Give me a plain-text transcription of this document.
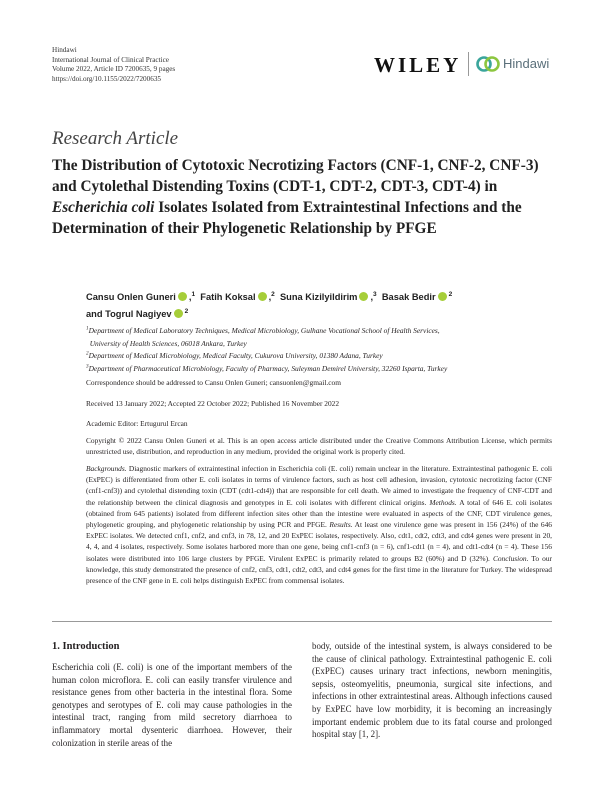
Hindawi
International Journal of Clinical Practice
Volume 2022, Article ID 7200635, 9 pages
https://doi.org/10.1155/2022/7200635
WILEY	Hindawi
Research Article
The Distribution of Cytotoxic Necrotizing Factors (CNF-1, CNF-2, CNF-3) and Cytolethal Distending Toxins (CDT-1, CDT-2, CDT-3, CDT-4) in Escherichia coli Isolates Isolated from Extraintestinal Infections and the Determination of their Phylogenetic Relationship by PFGE
Cansu Onlen Guneri ,$^1$ Fatih Koksal ,$^2$ Suna Kizilyildirim ,$^3$ Basak Bedir $^2$
and Togrul Nagiyev $^2$
$^1$Department of Medical Laboratory Techniques, Medical Microbiology, Gulhane Vocational School of Health Services,
University of Health Sciences, 06018 Ankara, Turkey
$^2$Department of Medical Microbiology, Medical Faculty, Cukurova University, 01380 Adana, Turkey
$^3$Department of Pharmaceutical Microbiology, Faculty of Pharmacy, Suleyman Demirel University, 32260 Isparta, Turkey
Correspondence should be addressed to Cansu Onlen Guneri; cansuonlen@gmail.com
Received 13 January 2022; Accepted 22 October 2022; Published 16 November 2022
Academic Editor: Ertugurul Ercan
Copyright © 2022 Cansu Onlen Guneri et al. This is an open access article distributed under the Creative Commons Attribution License, which permits unrestricted use, distribution, and reproduction in any medium, provided the original work is properly cited.
Backgrounds. Diagnostic markers of extraintestinal infection in Escherichia coli (E. coli) remain unclear in the literature. Extraintestinal pathogenic E. coli (ExPEC) is differentiated from other E. coli isolates in terms of virulence factors, such as host cell adhesion, invasion, cytotoxic necrotizing factor (CNF (cnf1-cnf3)) and cytolethal distending toxin (CDT (cdt1-cdt4)) that are responsible for cell death. We aimed to investigate the frequency of CNF-CDT and the relationship between the clinical diagnosis and genotypes in E. coli isolates with different clinical origins. Methods. A total of 646 E. coli isolates (obtained from 645 patients) isolated from different infection sites other than the intestine were evaluated in aspects of the CNF, CDT virulence genes, phylogenetic grouping, and phylogenetic relationship by using PCR and PFGE. Results. At least one virulence gene was present in 156 (24%) of the 646 ExPEC isolates. We detected cnf1, cnf2, and cnf3, in 78, 12, and 20 ExPEC isolates, respectively. Also, cdt1, cdt2, cdt3, and cdt4 genes were present in 20, 4, 4, and 4 isolates, respectively. Some isolates harbored more than one gene, being cnf1-cnf3 (n = 6), cnf1-cdt1 (n = 4), and cdt1-cdt4 (n = 4). These 156 isolates were distributed into 106 large clusters by PFGE. Virulent ExPEC is primarily related to groups B2 (60%) and D (32%). Conclusion. To our knowledge, this study demonstrated the presence of cnf2, cnf3, cdt1, cdt2, cdt3, and cdt4 genes for the first time in the literature for Turkey. The widespread presence of the CNF gene in E. coli helps distinguish ExPEC from commensal isolates.
1. Introduction
Escherichia coli (E. coli) is one of the important members of the human colon microflora. E. coli can easily transfer virulence and resistance genes from other bacteria in the intestinal flora. Some genotypes and serotypes of E. coli may cause pathologies in the intestinal tract, ranging from mild secretory diarrhoea to inflammatory mortal dysenteric diarrhoea. However, their colonization in sterile areas of the
body, outside of the intestinal system, is always considered to be the cause of clinical pathology. Extraintestinal pathogenic E. coli (ExPEC) causes urinary tract infections, newborn meningitis, sepsis, osteomyelitis, pneumonia, surgical site infections, and infections in other extraintestinal areas. Although infections caused by ExPEC have low morbidity, it is becoming an increasingly important endemic problem due to its fatal course and prolonged hospital stay [1, 2].
